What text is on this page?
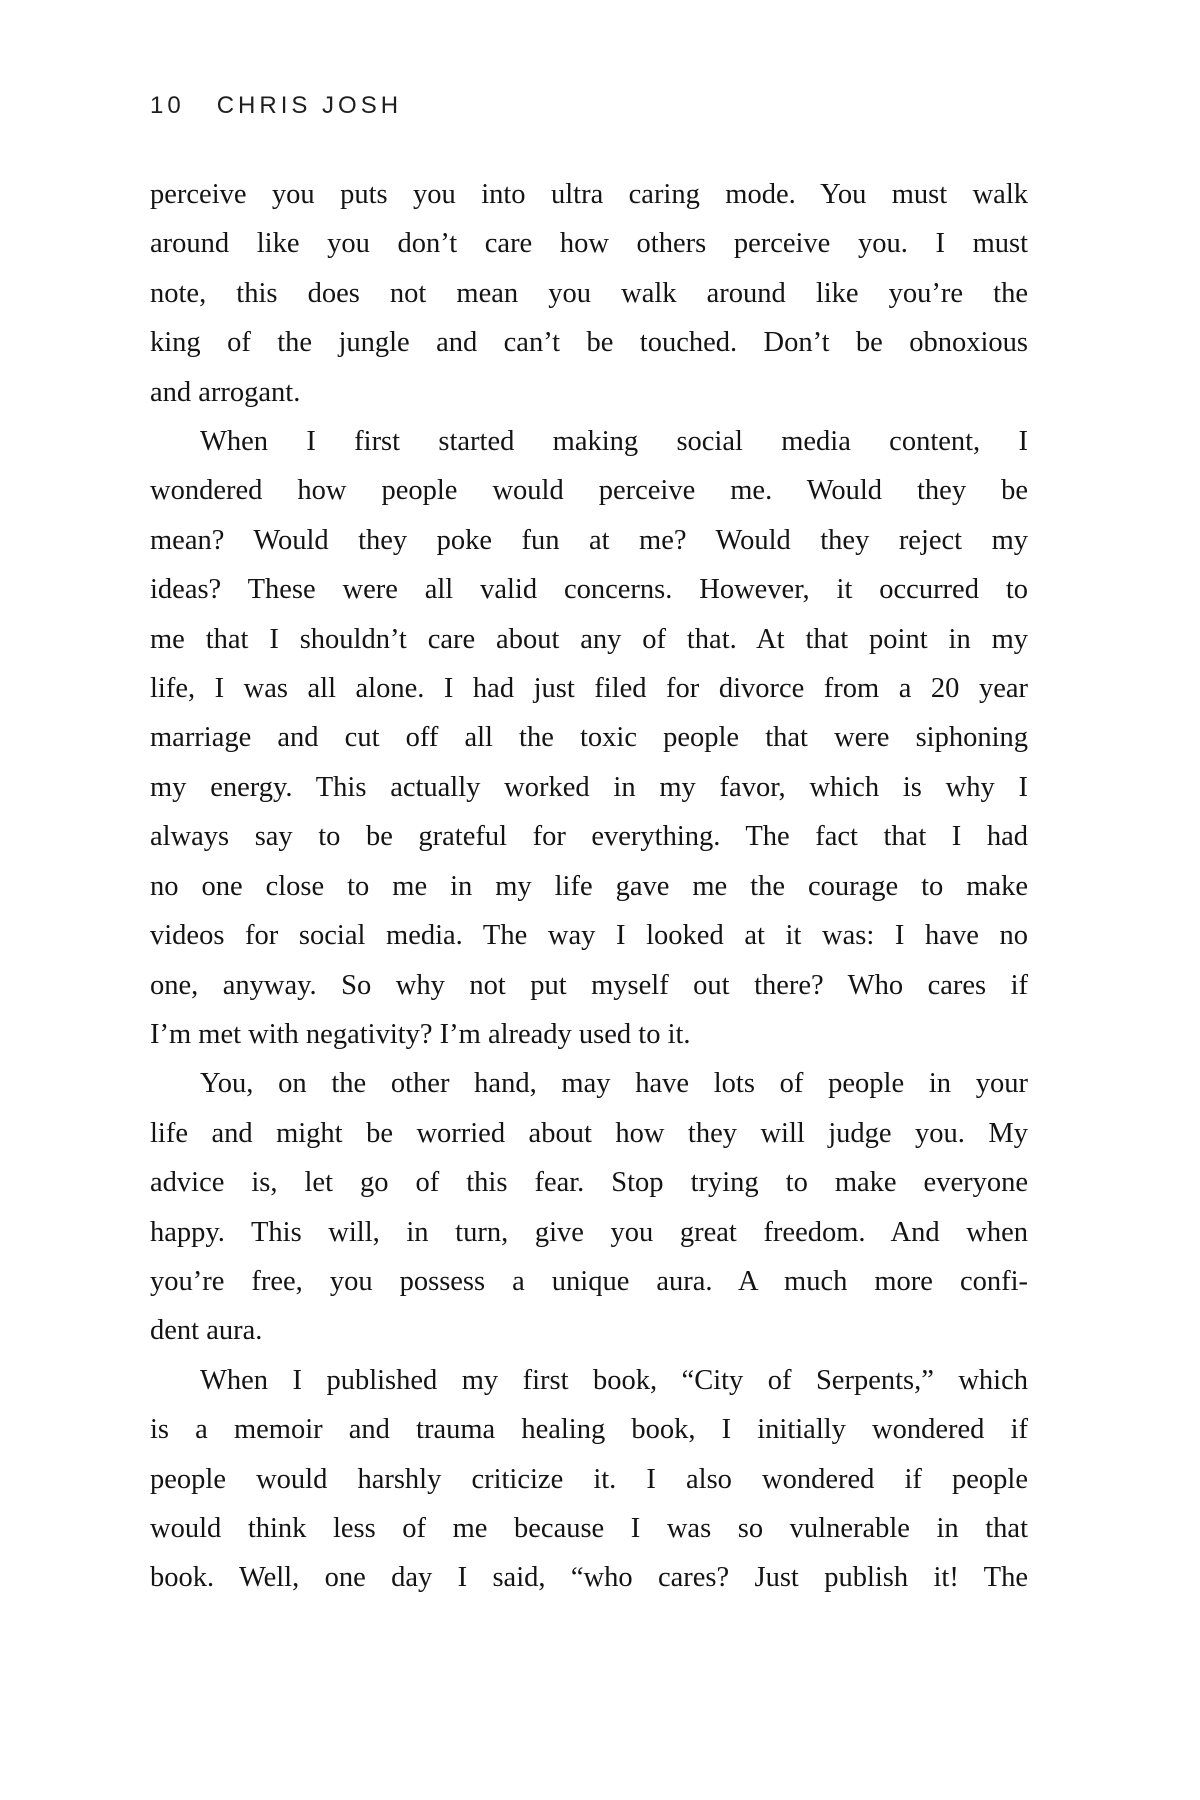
10 CHRIS JOSH
perceive you puts you into ultra caring mode. You must walk
around like you don’t care how others perceive you. I must
note, this does not mean you walk around like you’re the
king of the jungle and can’t be touched. Don’t be obnoxious
and arrogant.
When I first started making social media content, I
wondered how people would perceive me. Would they be
mean? Would they poke fun at me? Would they reject my
ideas? These were all valid concerns. However, it occurred to
me that I shouldn’t care about any of that. At that point in my
life, I was all alone. I had just filed for divorce from a 20 year
marriage and cut off all the toxic people that were siphoning
my energy. This actually worked in my favor, which is why I
always say to be grateful for everything. The fact that I had
no one close to me in my life gave me the courage to make
videos for social media. The way I looked at it was: I have no
one, anyway. So why not put myself out there? Who cares if
I’m met with negativity? I’m already used to it.
You, on the other hand, may have lots of people in your
life and might be worried about how they will judge you. My
advice is, let go of this fear. Stop trying to make everyone
happy. This will, in turn, give you great freedom. And when
you’re free, you possess a unique aura. A much more confi-
dent aura.
When I published my first book, “City of Serpents,” which
is a memoir and trauma healing book, I initially wondered if
people would harshly criticize it. I also wondered if people
would think less of me because I was so vulnerable in that
book. Well, one day I said, “who cares? Just publish it! The
